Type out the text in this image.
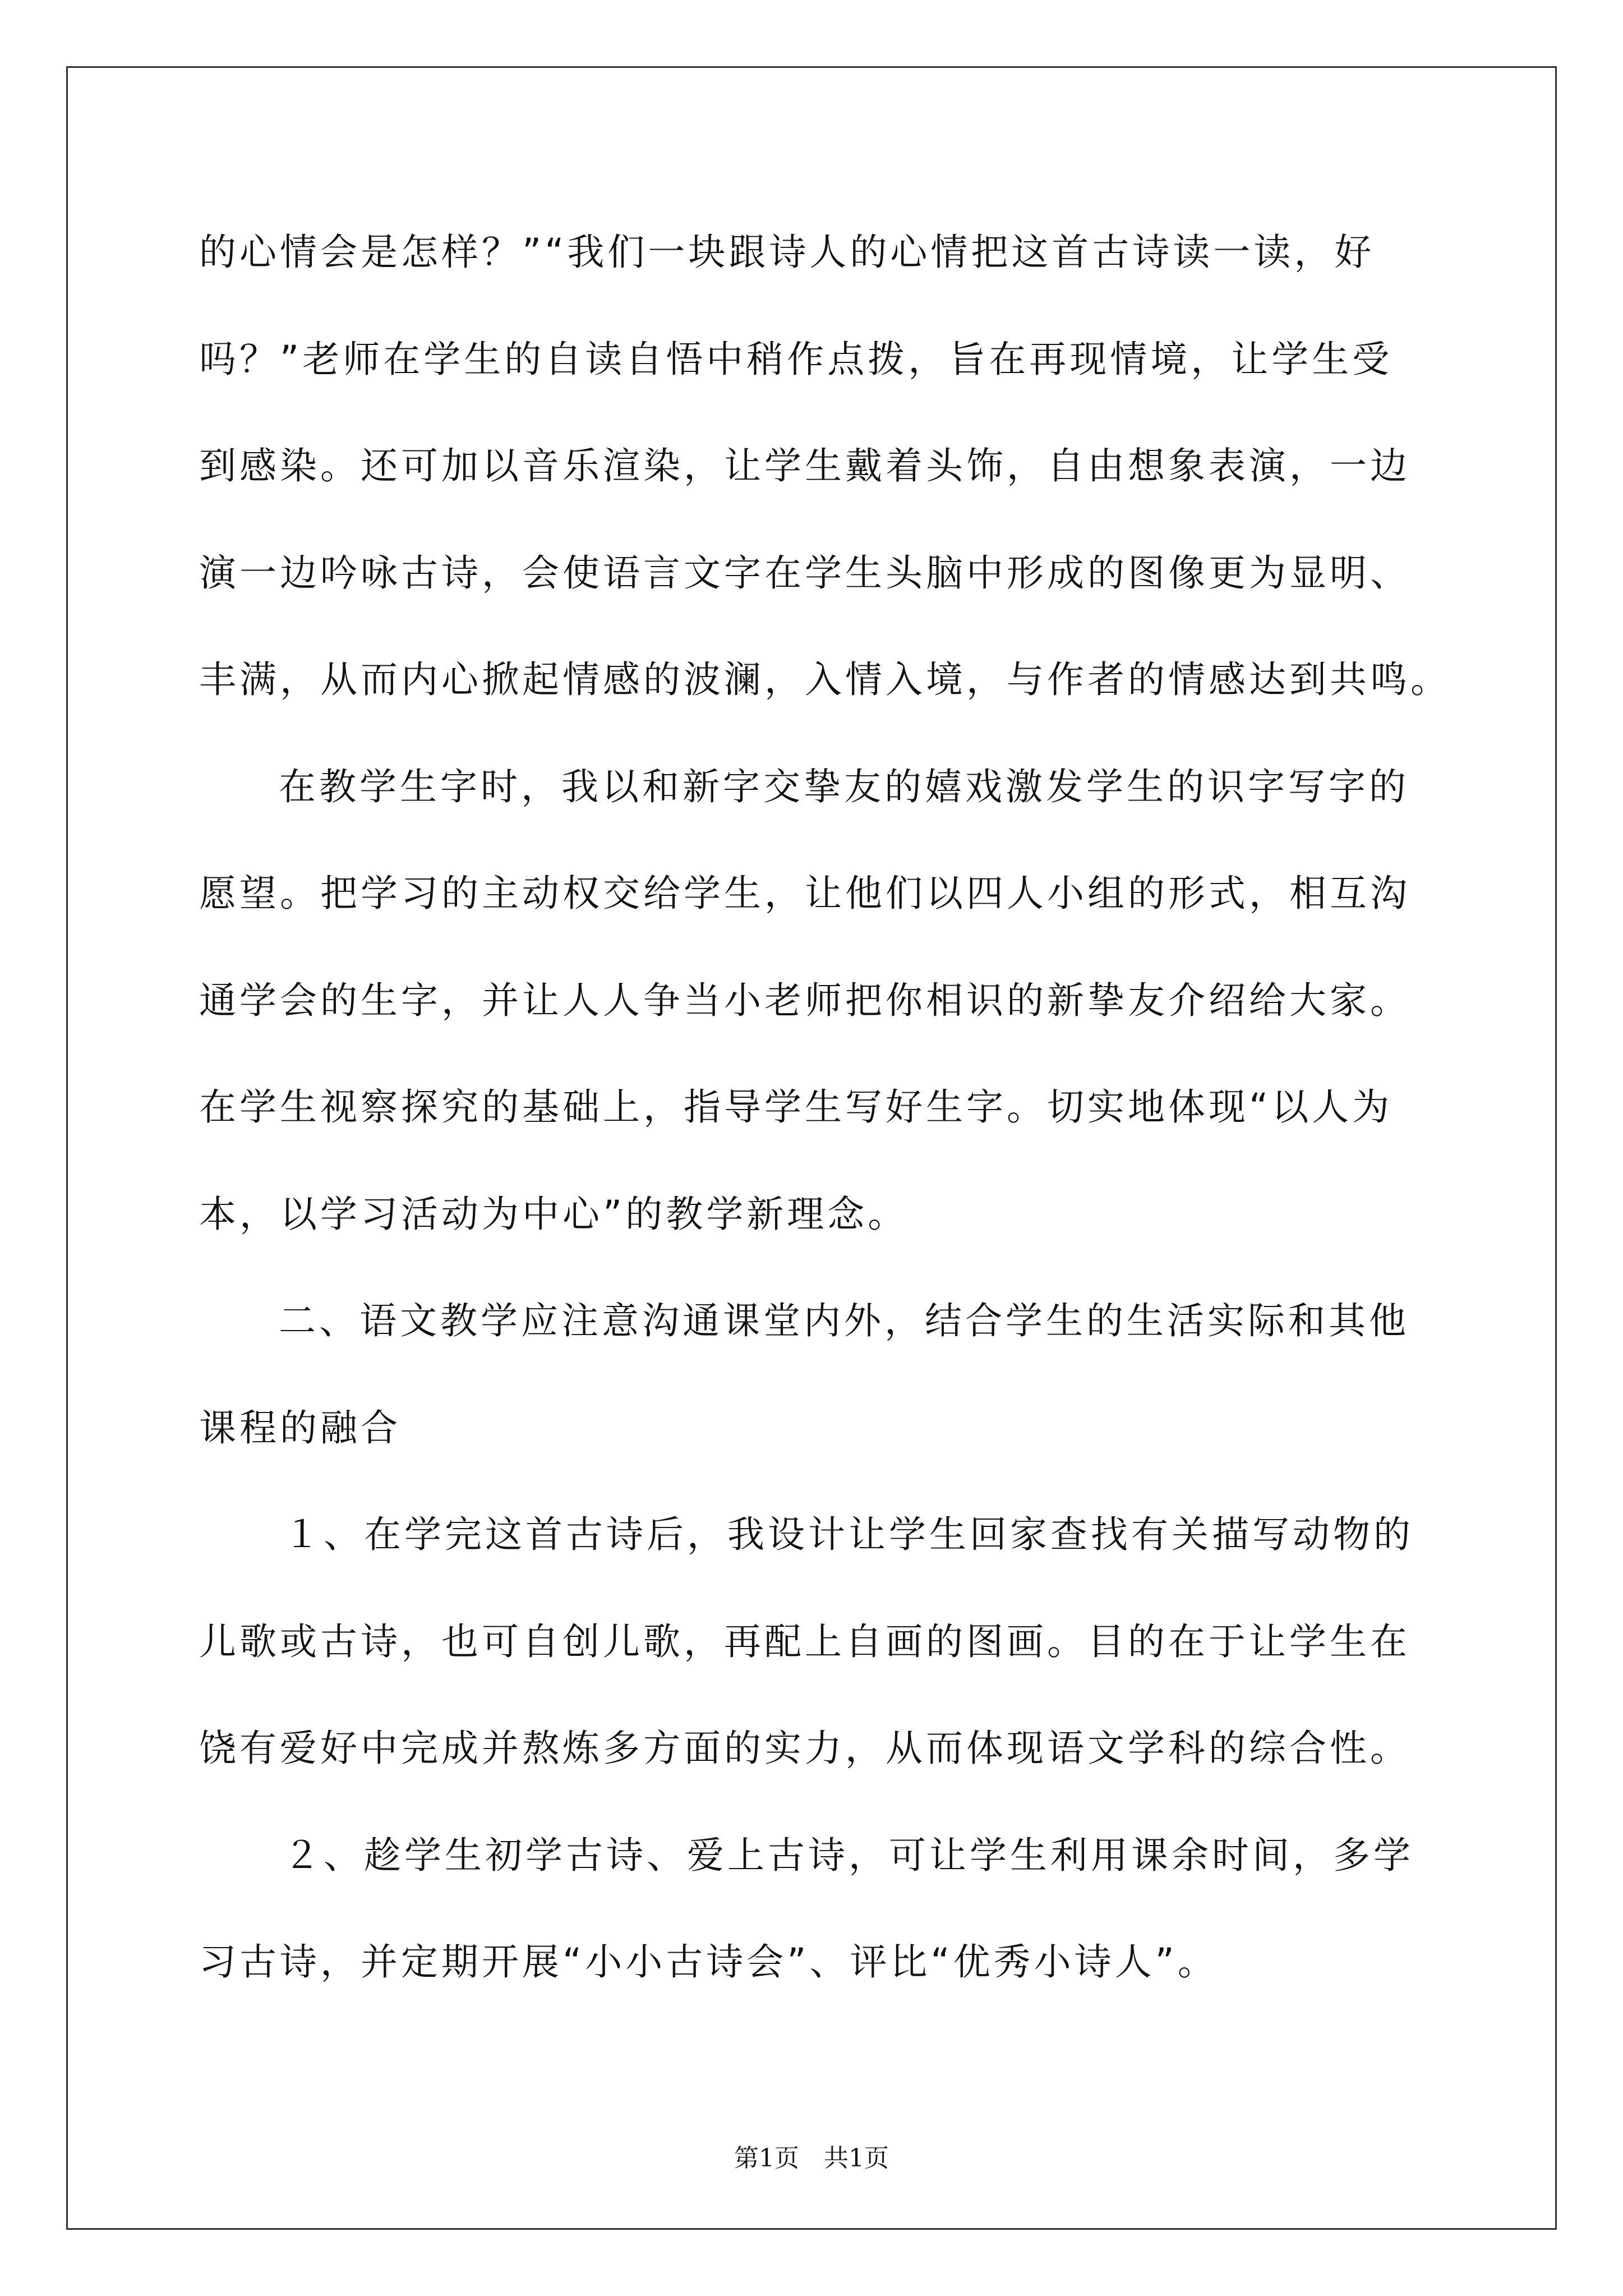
的心情会是怎样？”“我们一块跟诗人的心情把这首古诗读一读，好
吗？”老师在学生的自读自悟中稍作点拨，旨在再现情境，让学生受
到感染。还可加以音乐渲染，让学生戴着头饰，自由想象表演，一边
演一边吟咏古诗，会使语言文字在学生头脑中形成的图像更为显明、
丰满，从而内心掀起情感的波澜，入情入境，与作者的情感达到共鸣。
在教学生字时，我以和新字交挚友的嬉戏激发学生的识字写字的
愿望。把学习的主动权交给学生，让他们以四人小组的形式，相互沟
通学会的生字，并让人人争当小老师把你相识的新挚友介绍给大家。
在学生视察探究的基础上，指导学生写好生字。切实地体现“以人为
本，以学习活动为中心”的教学新理念。
二、语文教学应注意沟通课堂内外，结合学生的生活实际和其他
课程的融合
１、在学完这首古诗后，我设计让学生回家查找有关描写动物的
儿歌或古诗，也可自创儿歌，再配上自画的图画。目的在于让学生在
饶有爱好中完成并熬炼多方面的实力，从而体现语文学科的综合性。
２、趁学生初学古诗、爱上古诗，可让学生利用课余时间，多学
习古诗，并定期开展“小小古诗会”、评比“优秀小诗人”。
第1页　共1页
